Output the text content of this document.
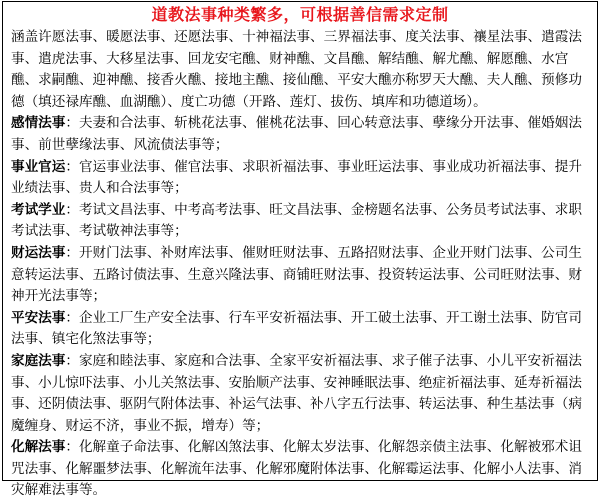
道教法事种类繁多，可根据善信需求定制

涵盖许愿法事、暖愿法事、还愿法事、十神福法事、三界福法事、度关法事、禳星法事、遣霞法事、遣虎法事、大移星法事、回龙安宅醮、财神醮、文昌醮、解结醮、解尤醮、解愿醮、水宫醮、求嗣醮、迎神醮、接香火醮、接地主醮、接仙醮、平安大醮亦称罗天大醮、夫人醮、预修功德（填还禄库醮、血湖醮）、度亡功德（开路、莲灯、拔伤、填库和功德道场）。

感情法事：夫妻和合法事、斩桃花法事、催桃花法事、回心转意法事、孽缘分开法事、催婚姻法事、前世孽缘法事、风流债法事等；

事业官运：官运事业法事、催官法事、求职祈福法事、事业旺运法事、事业成功祈福法事、提升业绩法事、贵人和合法事等；

考试学业：考试文昌法事、中考高考法事、旺文昌法事、金榜题名法事、公务员考试法事、求职考试法事、考试敬神法事等；

财运法事：开财门法事、补财库法事、催财旺财法事、五路招财法事、企业开财门法事、公司生意转运法事、五路讨债法事、生意兴隆法事、商铺旺财法事、投资转运法事、公司旺财法事、财神开光法事等；

平安法事：企业工厂生产安全法事、行车平安祈福法事、开工破土法事、开工谢土法事、防官司法事、镇宅化煞法事等；

家庭法事：家庭和睦法事、家庭和合法事、全家平安祈福法事、求子催子法事、小儿平安祈福法事、小儿惊吓法事、小儿关煞法事、安胎顺产法事、安神睡眠法事、绝症祈福法事、延寿祈福法事、还阴债法事、驱阴气附体法事、补运气法事、补八字五行法事、转运法事、种生基法事（病魔缠身、财运不济，事业不振，增寿）等；

化解法事：化解童子命法事、化解凶煞法事、化解太岁法事、化解怨亲债主法事、化解被邪术诅咒法事、化解噩梦法事、化解流年法事、化解邪魔附体法事、化解霉运法事、化解小人法事、消灾解难法事等。
